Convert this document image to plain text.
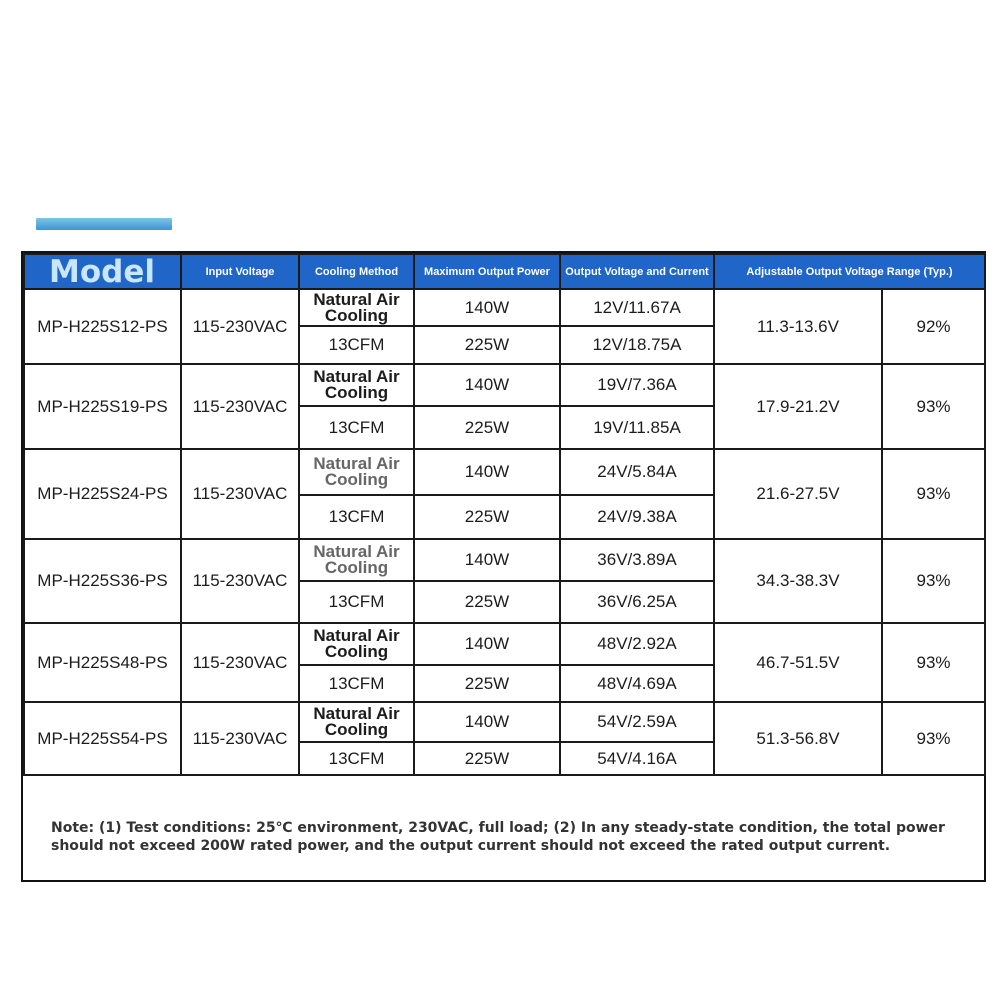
Model	Input Voltage	Cooling Method	Maximum Output Power	Output Voltage and Current	Adjustable Output Voltage Range (Typ.)	
MP-H225S12-PS	115-230VAC	Natural Air Cooling	140W	12V/11.67A	11.3-13.6V	92%
		13CFM	225W	12V/18.75A		
MP-H225S19-PS	115-230VAC	Natural Air Cooling	140W	19V/7.36A	17.9-21.2V	93%
		13CFM	225W	19V/11.85A		
MP-H225S24-PS	115-230VAC	Natural Air Cooling	140W	24V/5.84A	21.6-27.5V	93%
		13CFM	225W	24V/9.38A		
MP-H225S36-PS	115-230VAC	Natural Air Cooling	140W	36V/3.89A	34.3-38.3V	93%
		13CFM	225W	36V/6.25A		
MP-H225S48-PS	115-230VAC	Natural Air Cooling	140W	48V/2.92A	46.7-51.5V	93%
		13CFM	225W	48V/4.69A		
MP-H225S54-PS	115-230VAC	Natural Air Cooling	140W	54V/2.59A	51.3-56.8V	93%
		13CFM	225W	54V/4.16A		
Note: (1) Test conditions: 25℃ environment, 230VAC, full load; (2) In any steady-state condition, the total power should not exceed 200W rated power, and the output current should not exceed the rated output current.
